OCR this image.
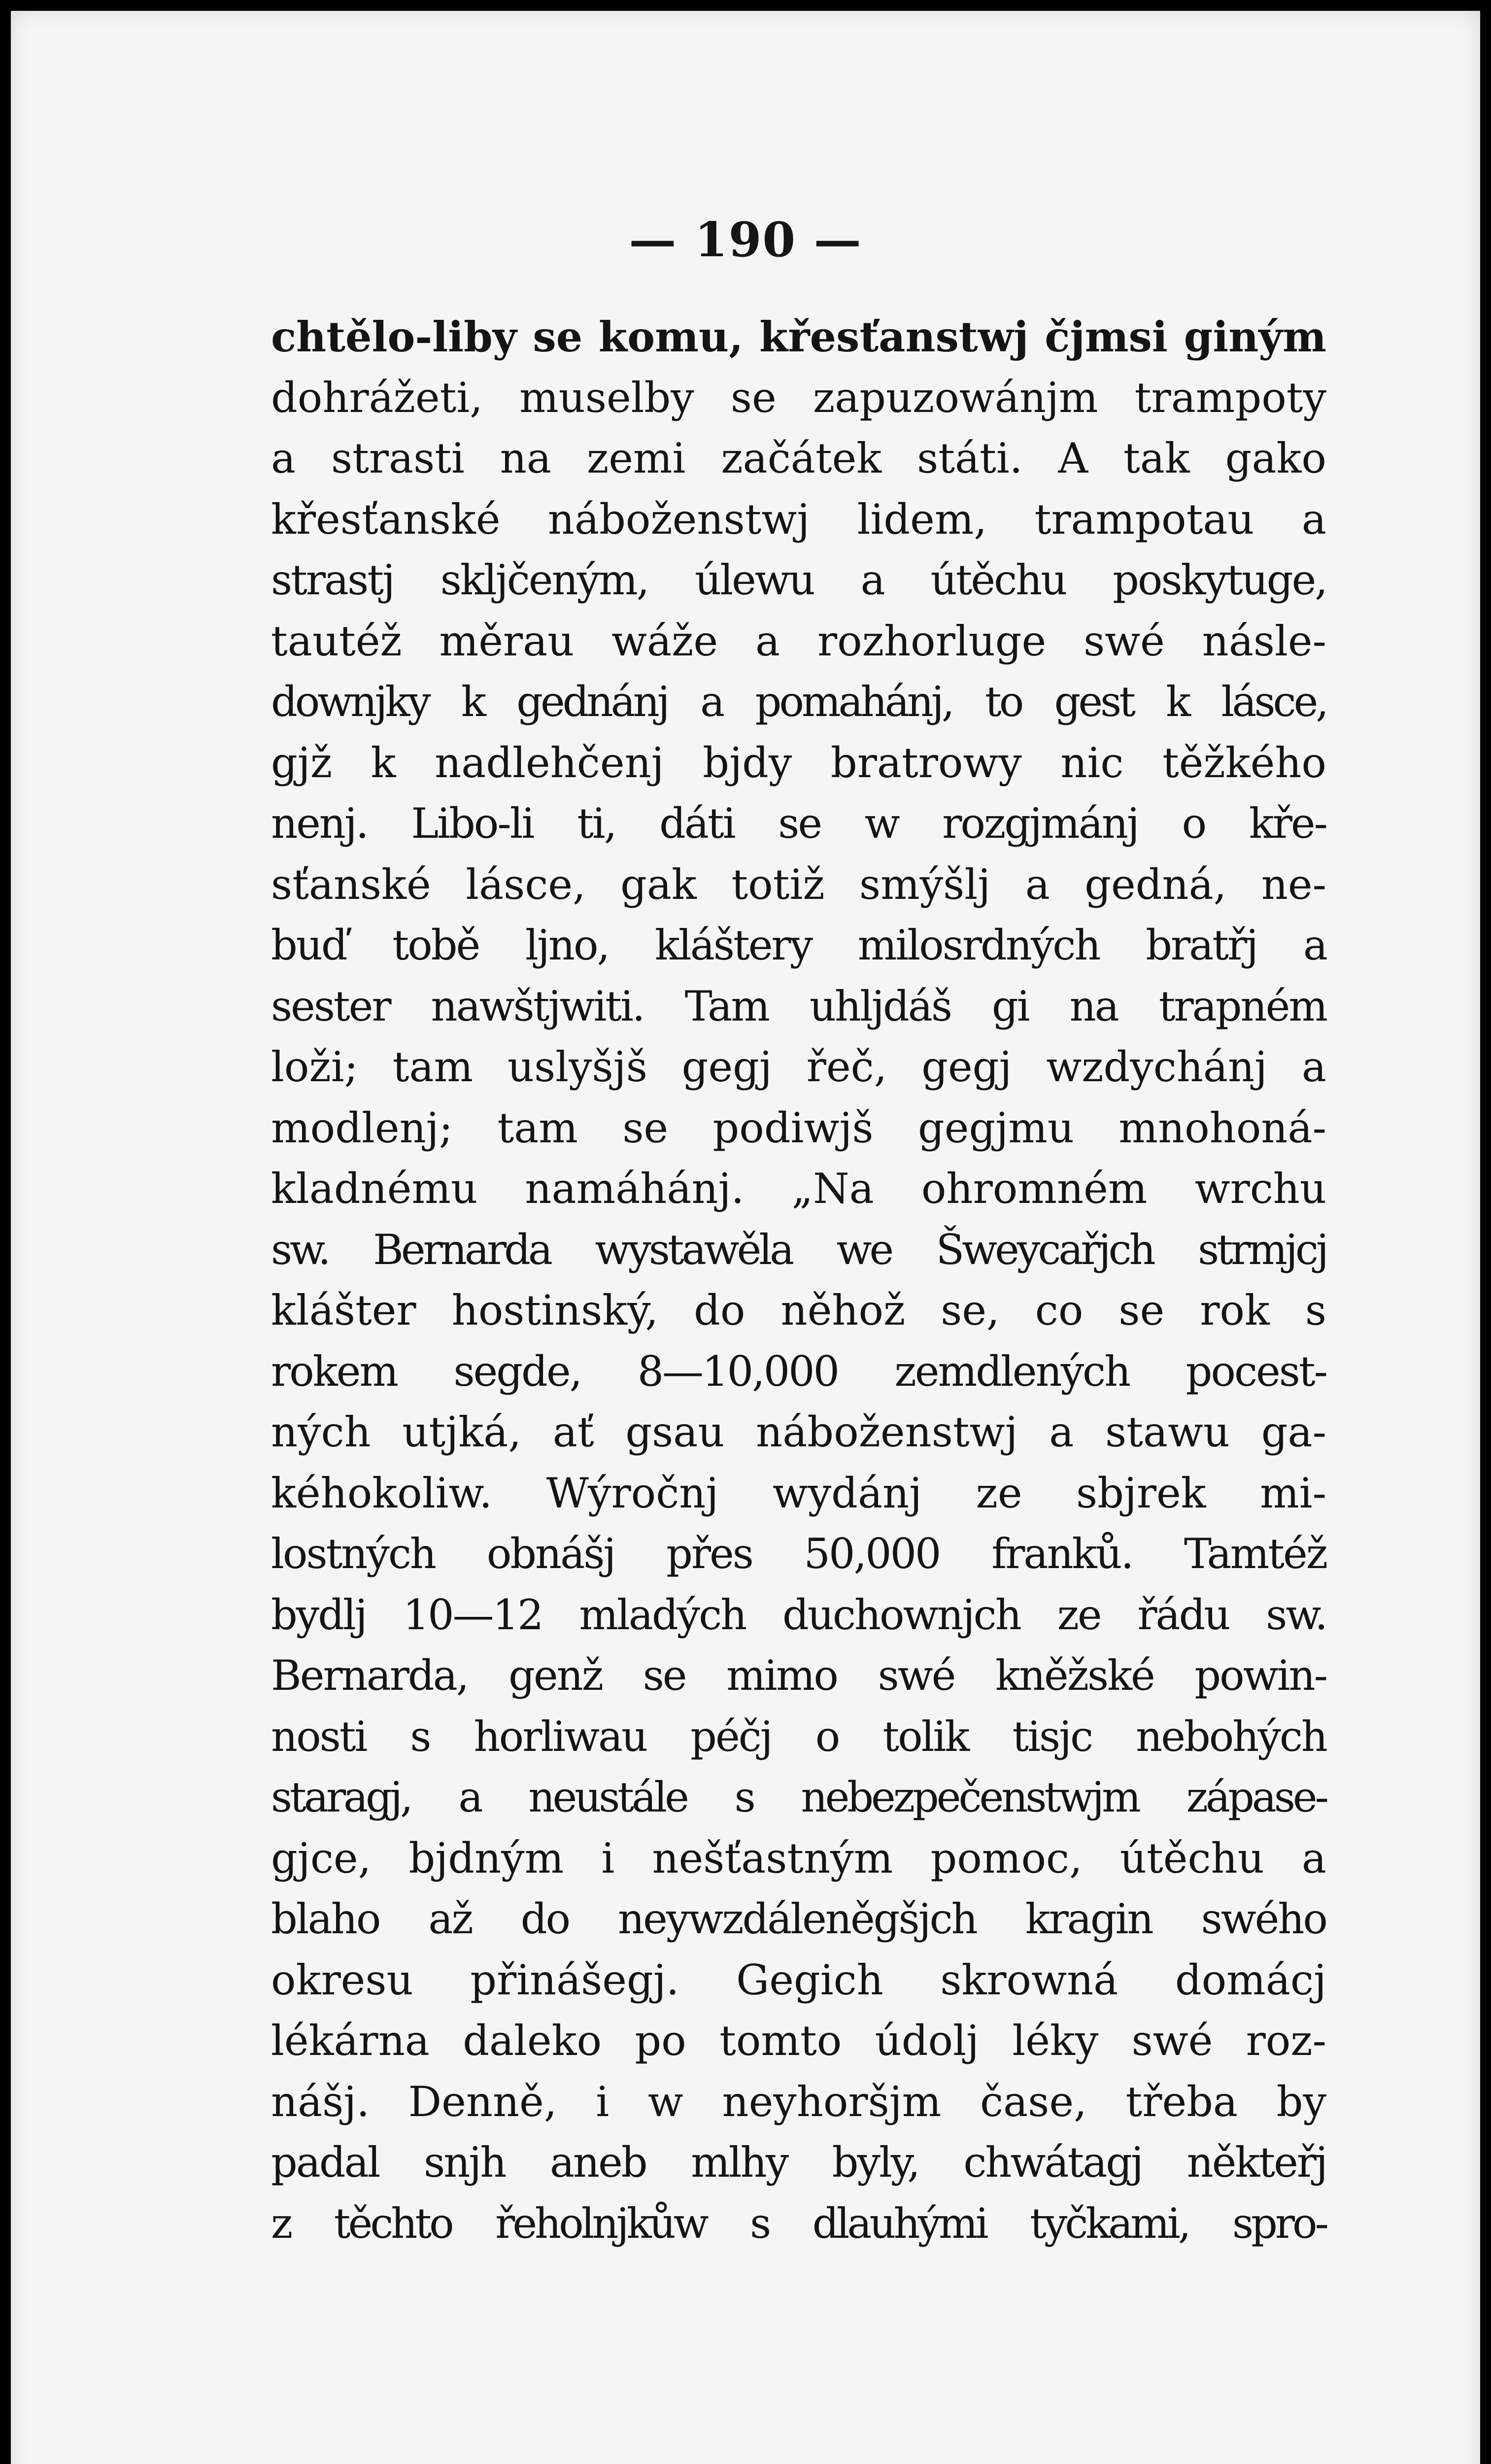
— 190 —
chtělo-liby se komu, křesťanstwj čjmsi giným
dohrážeti, muselby se zapuzowánjm trampoty
a strasti na zemi začátek státi. A tak gako
křesťanské náboženstwj lidem, trampotau a
strastj skljčeným, úlewu a útěchu poskytuge,
tautéž měrau wáže a rozhorluge swé násle-
downjky k gednánj a pomahánj, to gest k lásce,
gjž k nadlehčenj bjdy bratrowy nic těžkého
nenj. Libo-li ti, dáti se w rozgjmánj o kře-
sťanské lásce, gak totiž smýšlj a gedná, ne-
buď tobě ljno, kláštery milosrdných bratřj a
sester nawštjwiti. Tam uhljdáš gi na trapném
loži; tam uslyšjš gegj řeč, gegj wzdychánj a
modlenj; tam se podiwjš gegjmu mnohoná-
kladnému namáhánj. „Na ohromném wrchu
sw. Bernarda wystawěla we Šweycařjch strmjcj
klášter hostinský, do něhož se, co se rok s
rokem segde, 8—10,000 zemdlených pocest-
ných utjká, ať gsau náboženstwj a stawu ga-
kéhokoliw. Wýročnj wydánj ze sbjrek mi-
lostných obnášj přes 50,000 franků. Tamtéž
bydlj 10—12 mladých duchownjch ze řádu sw.
Bernarda, genž se mimo swé kněžské powin-
nosti s horliwau péčj o tolik tisjc nebohých
staragj, a neustále s nebezpečenstwjm zápase-
gjce, bjdným i nešťastným pomoc, útěchu a
blaho až do neywzdáleněgšjch kragin swého
okresu přinášegj. Gegich skrowná domácj
lékárna daleko po tomto údolj léky swé roz-
nášj. Denně, i w neyhoršjm čase, třeba by
padal snjh aneb mlhy byly, chwátagj někteřj
z těchto řeholnjkůw s dlauhými tyčkami, spro-
